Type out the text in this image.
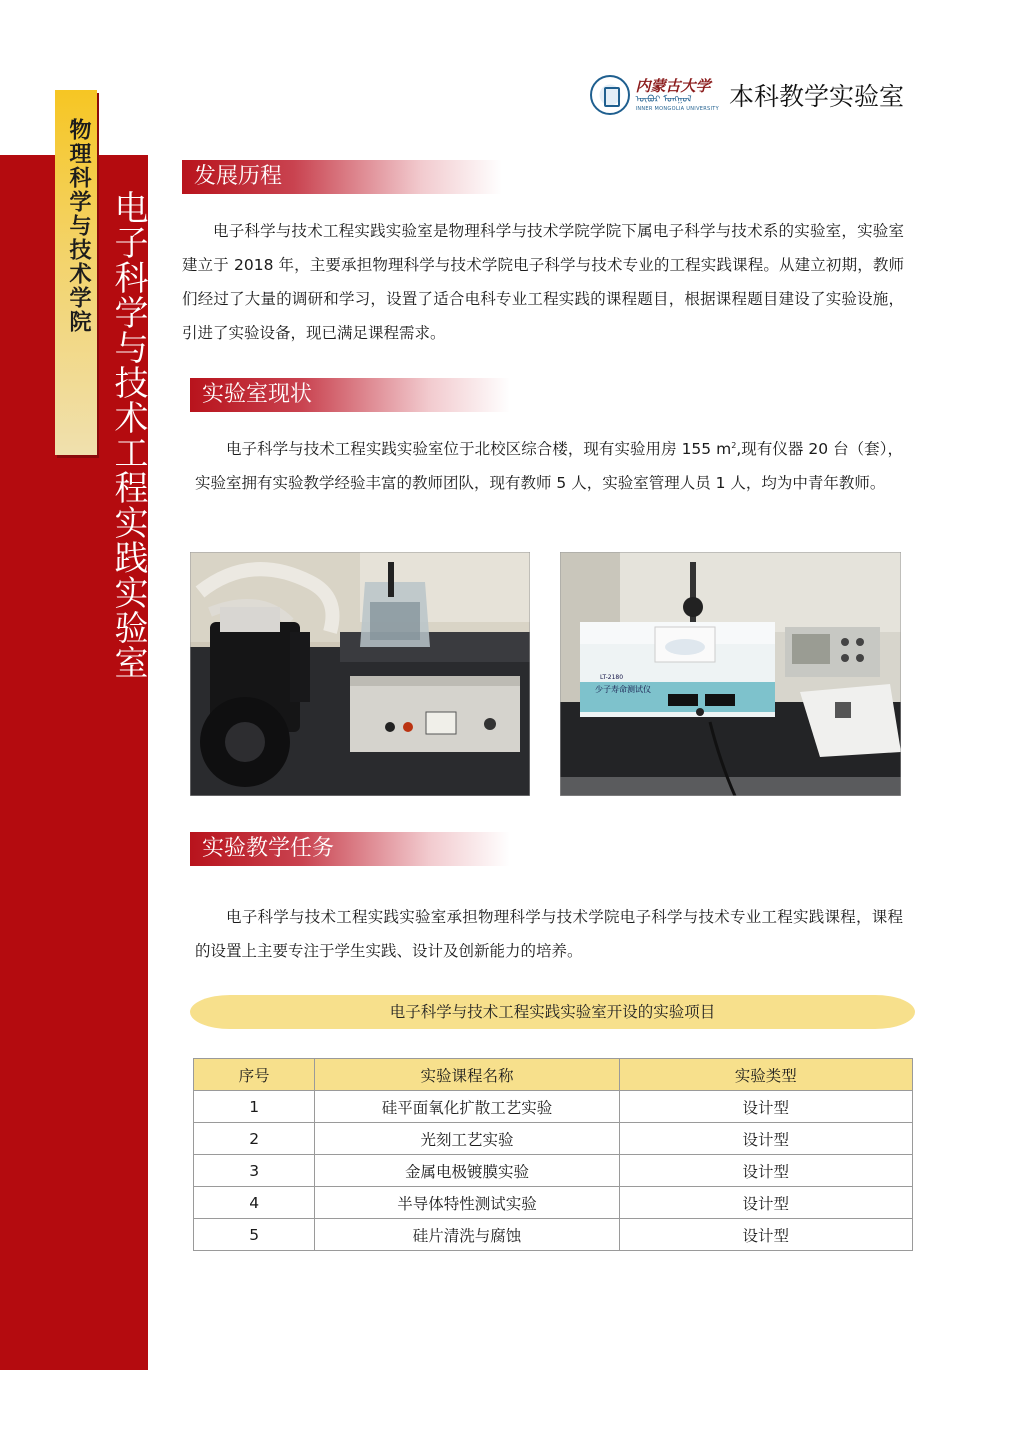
物理科学与技术学院 电子科学与技术工程实践实验室
内蒙古大学
ᠥᠪᠦᠷ ᠮᠣᠩᠭᠣᠯ
INNER MONGOLIA UNIVERSITY 本科教学实验室
发展历程
电子科学与技术工程实践实验室是物理科学与技术学院学院下属电子科学与技术系的实验室，实验室建立于 2018 年，主要承担物理科学与技术学院电子科学与技术专业的工程实践课程。从建立初期，教师们经过了大量的调研和学习，设置了适合电科专业工程实践的课程题目，根据课程题目建设了实验设施，引进了实验设备，现已满足课程需求。
实验室现状
电子科学与技术工程实践实验室位于北校区综合楼，现有实验用房 155 $m^2$,现有仪器 20 台（套），实验室拥有实验教学经验丰富的教师团队，现有教师 5 人，实验室管理人员 1 人，均为中青年教师。
少子寿命测试仪
LT-2180
实验教学任务
电子科学与技术工程实践实验室承担物理科学与技术学院电子科学与技术专业工程实践课程，课程的设置上主要专注于学生实践、设计及创新能力的培养。
电子科学与技术工程实践实验室开设的实验项目
序号	实验课程名称	实验类型
1	硅平面氧化扩散工艺实验	设计型
2	光刻工艺实验	设计型
3	金属电极镀膜实验	设计型
4	半导体特性测试实验	设计型
5	硅片清洗与腐蚀	设计型
